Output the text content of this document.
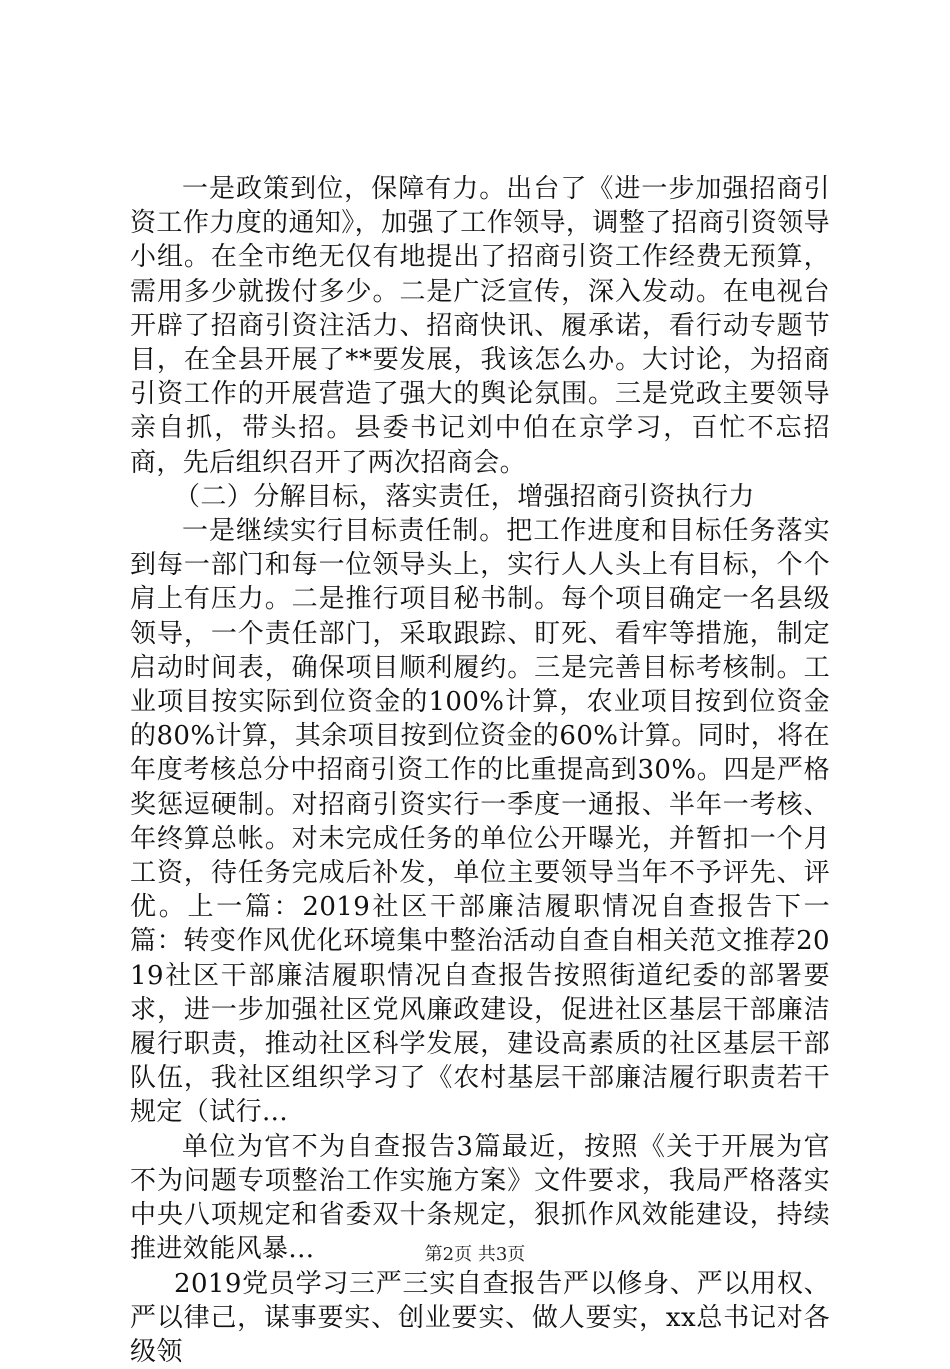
一是政策到位，保障有力。出台了《进一步加强招商引资工作力度的通知》，加强了工作领导，调整了招商引资领导小组。在全市绝无仅有地提出了招商引资工作经费无预算，需用多少就拨付多少。二是广泛宣传，深入发动。在电视台开辟了招商引资注活力、招商快讯、履承诺，看行动专题节目，在全县开展了**要发展，我该怎么办。大讨论，为招商引资工作的开展营造了强大的舆论氛围。三是党政主要领导亲自抓，带头招。县委书记刘中伯在京学习，百忙不忘招商，先后组织召开了两次招商会。

（二）分解目标，落实责任，增强招商引资执行力

一是继续实行目标责任制。把工作进度和目标任务落实到每一部门和每一位领导头上，实行人人头上有目标，个个肩上有压力。二是推行项目秘书制。每个项目确定一名县级领导，一个责任部门，采取跟踪、盯死、看牢等措施，制定启动时间表，确保项目顺利履约。三是完善目标考核制。工业项目按实际到位资金的100%计算，农业项目按到位资金的80%计算，其余项目按到位资金的60%计算。同时，将在年度考核总分中招商引资工作的比重提高到30%。四是严格奖惩逗硬制。对招商引资实行一季度一通报、半年一考核、年终算总帐。对未完成任务的单位公开曝光，并暂扣一个月工资，待任务完成后补发，单位主要领导当年不予评先、评优。上一篇：2019社区干部廉洁履职情况自查报告下一篇：转变作风优化环境集中整治活动自查自相关范文推荐2019社区干部廉洁履职情况自查报告按照街道纪委的部署要求，进一步加强社区党风廉政建设，促进社区基层干部廉洁履行职责，推动社区科学发展，建设高素质的社区基层干部队伍，我社区组织学习了《农村基层干部廉洁履行职责若干规定（试行...

单位为官不为自查报告3篇最近，按照《关于开展为官不为问题专项整治工作实施方案》文件要求，我局严格落实中央八项规定和省委双十条规定，狠抓作风效能建设，持续推进效能风暴...

2019党员学习三严三实自查报告严以修身、严以用权、严以律己，谋事要实、创业要实、做人要实，xx总书记对各级领

第2页 共3页
